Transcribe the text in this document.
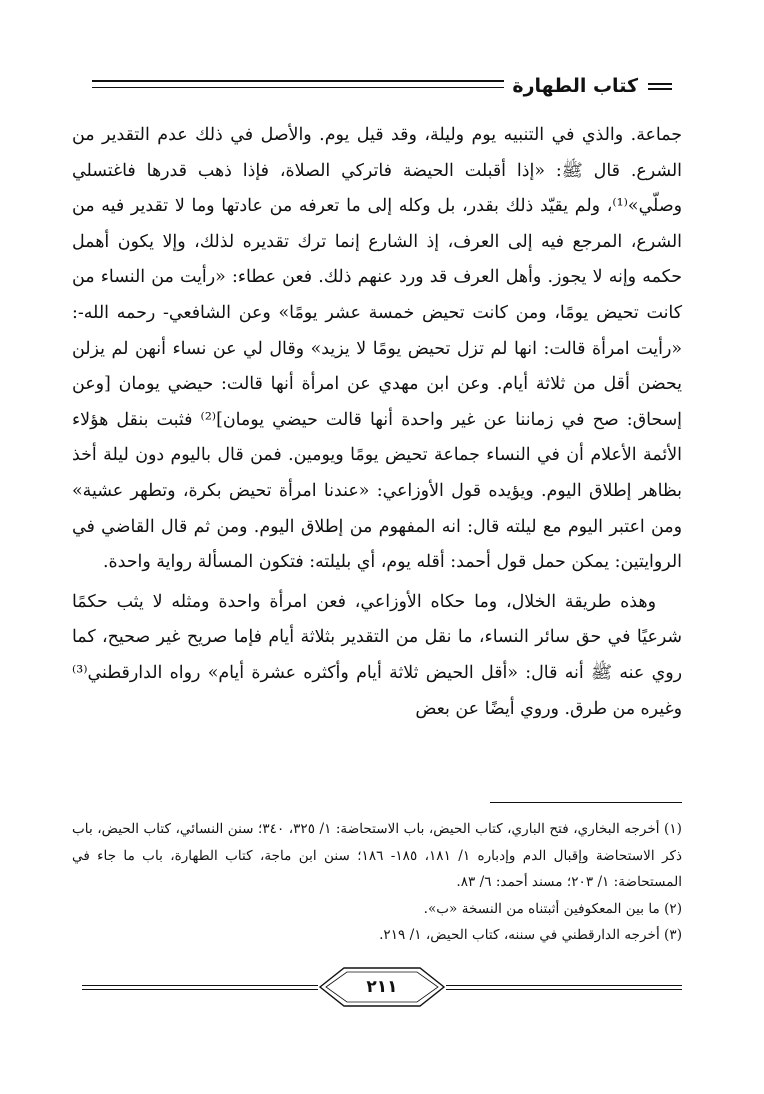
كتاب الطهارة

جماعة. والذي في التنبيه يوم وليلة، وقد قيل يوم. والأصل في ذلك عدم التقدير من الشرع. قال ﷺ: «إذا أقبلت الحيضة فاتركي الصلاة، فإذا ذهب قدرها فاغتسلي وصلّي»⁽¹⁾، ولم يقيّد ذلك بقدر، بل وكله إلى ما تعرفه من عادتها وما لا تقدير فيه من الشرع، المرجع فيه إلى العرف، إذ الشارع إنما ترك تقديره لذلك، وإلا يكون أهمل حكمه وإنه لا يجوز. وأهل العرف قد ورد عنهم ذلك. فعن عطاء: «رأيت من النساء من كانت تحيض يومًا، ومن كانت تحيض خمسة عشر يومًا» وعن الشافعي- رحمه الله-: «رأيت امرأة قالت: انها لم تزل تحيض يومًا لا يزيد» وقال لي عن نساء أنهن لم يزلن يحضن أقل من ثلاثة أيام. وعن ابن مهدي عن امرأة أنها قالت: حيضي يومان [وعن إسحاق: صح في زماننا عن غير واحدة أنها قالت حيضي يومان]⁽²⁾ فثبت بنقل هؤلاء الأئمة الأعلام أن في النساء جماعة تحيض يومًا ويومين. فمن قال باليوم دون ليلة أخذ بظاهر إطلاق اليوم. ويؤيده قول الأوزاعي: «عندنا امرأة تحيض بكرة، وتطهر عشية» ومن اعتبر اليوم مع ليلته قال: انه المفهوم من إطلاق اليوم. ومن ثم قال القاضي في الروايتين: يمكن حمل قول أحمد: أقله يوم، أي بليلته: فتكون المسألة رواية واحدة.

وهذه طريقة الخلال، وما حكاه الأوزاعي، فعن امرأة واحدة ومثله لا يثب حكمًا شرعيًا في حق سائر النساء، ما نقل من التقدير بثلاثة أيام فإما صريح غير صحيح، كما روي عنه ﷺ أنه قال: «أقل الحيض ثلاثة أيام وأكثره عشرة أيام» رواه الدارقطني⁽³⁾ وغيره من طرق. وروي أيضًا عن بعض

(١) أخرجه البخاري، فتح الباري، كتاب الحيض، باب الاستحاضة: ١/ ٣٢٥، ٣٤٠؛ سنن النسائي، كتاب الحيض، باب ذكر الاستحاضة وإقبال الدم وإدباره ١/ ١٨١، ١٨٥- ١٨٦؛ سنن ابن ماجة، كتاب الطهارة، باب ما جاء في المستحاضة: ١/ ٢٠٣؛ مسند أحمد: ٦/ ٨٣.

(٢) ما بين المعكوفين أثبتناه من النسخة «ب».

(٣) أخرجه الدارقطني في سننه، كتاب الحيض، ١/ ٢١٩.

٢١١
